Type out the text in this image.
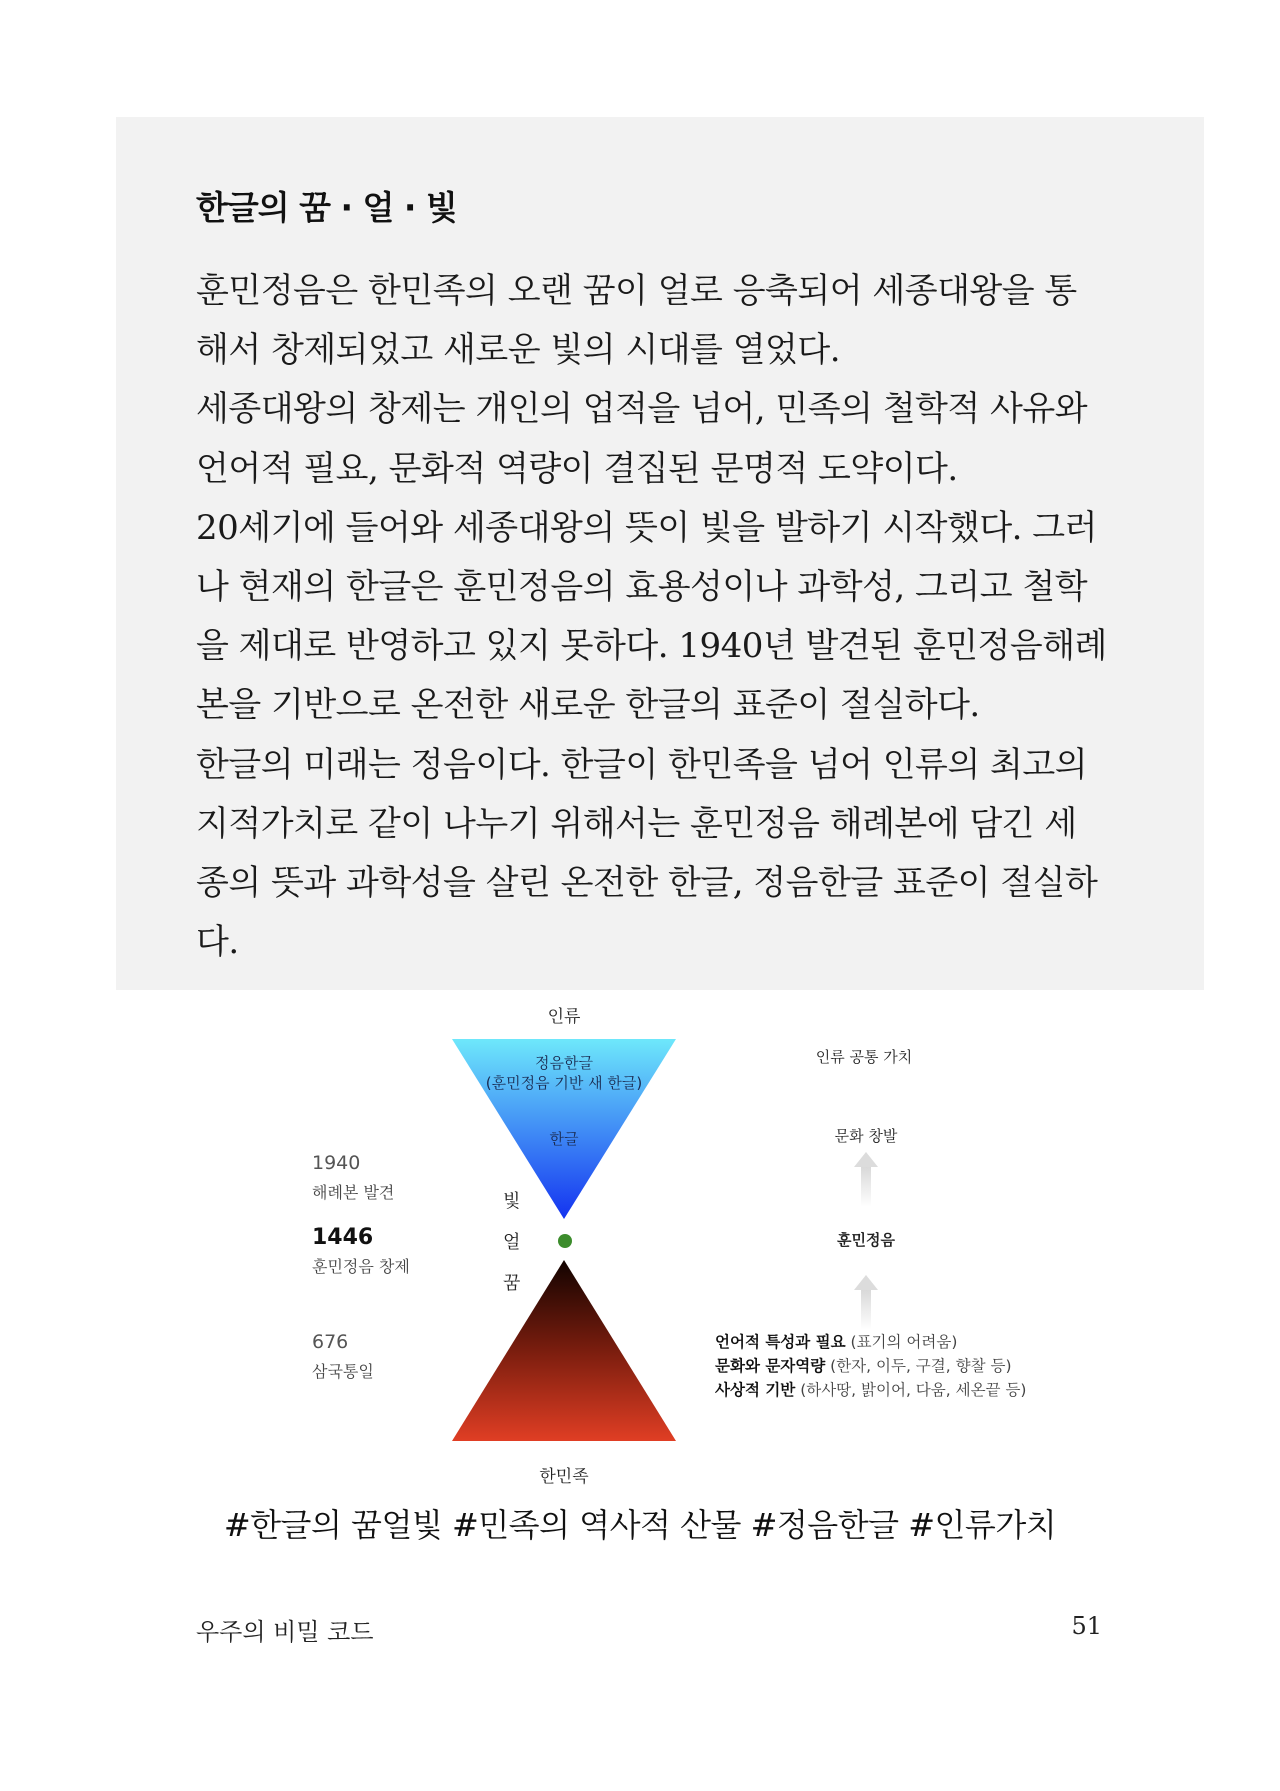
한글의 꿈 · 얼 · 빛
훈민정음은 한민족의 오랜 꿈이 얼로 응축되어 세종대왕을 통
해서 창제되었고 새로운 빛의 시대를 열었다.
세종대왕의 창제는 개인의 업적을 넘어, 민족의 철학적 사유와
언어적 필요, 문화적 역량이 결집된 문명적 도약이다.
20세기에 들어와 세종대왕의 뜻이 빛을 발하기 시작했다. 그러
나 현재의 한글은 훈민정음의 효용성이나 과학성, 그리고 철학
을 제대로 반영하고 있지 못하다. 1940년 발견된 훈민정음해례
본을 기반으로 온전한 새로운 한글의 표준이 절실하다.
한글의 미래는 정음이다. 한글이 한민족을 넘어 인류의 최고의
지적가치로 같이 나누기 위해서는 훈민정음 해례본에 담긴 세
종의 뜻과 과학성을 살린 온전한 한글, 정음한글 표준이 절실하
다.
인류
정음한글
(훈민정음 기반 새 한글)
한글
한민족
빛
얼
꿈
1940
해례본 발견
1446
훈민정음 창제
676
삼국통일
인류 공통 가치
문화 창발
훈민정음
언어적 특성과 필요 (표기의 어려움)
문화와 문자역량 (한자, 이두, 구결, 향찰 등)
사상적 기반 (하사땅, 밝이어, 다움, 세온끝 등)
#한글의 꿈얼빛 #민족의 역사적 산물 #정음한글 #인류가치
우주의 비밀 코드	51
